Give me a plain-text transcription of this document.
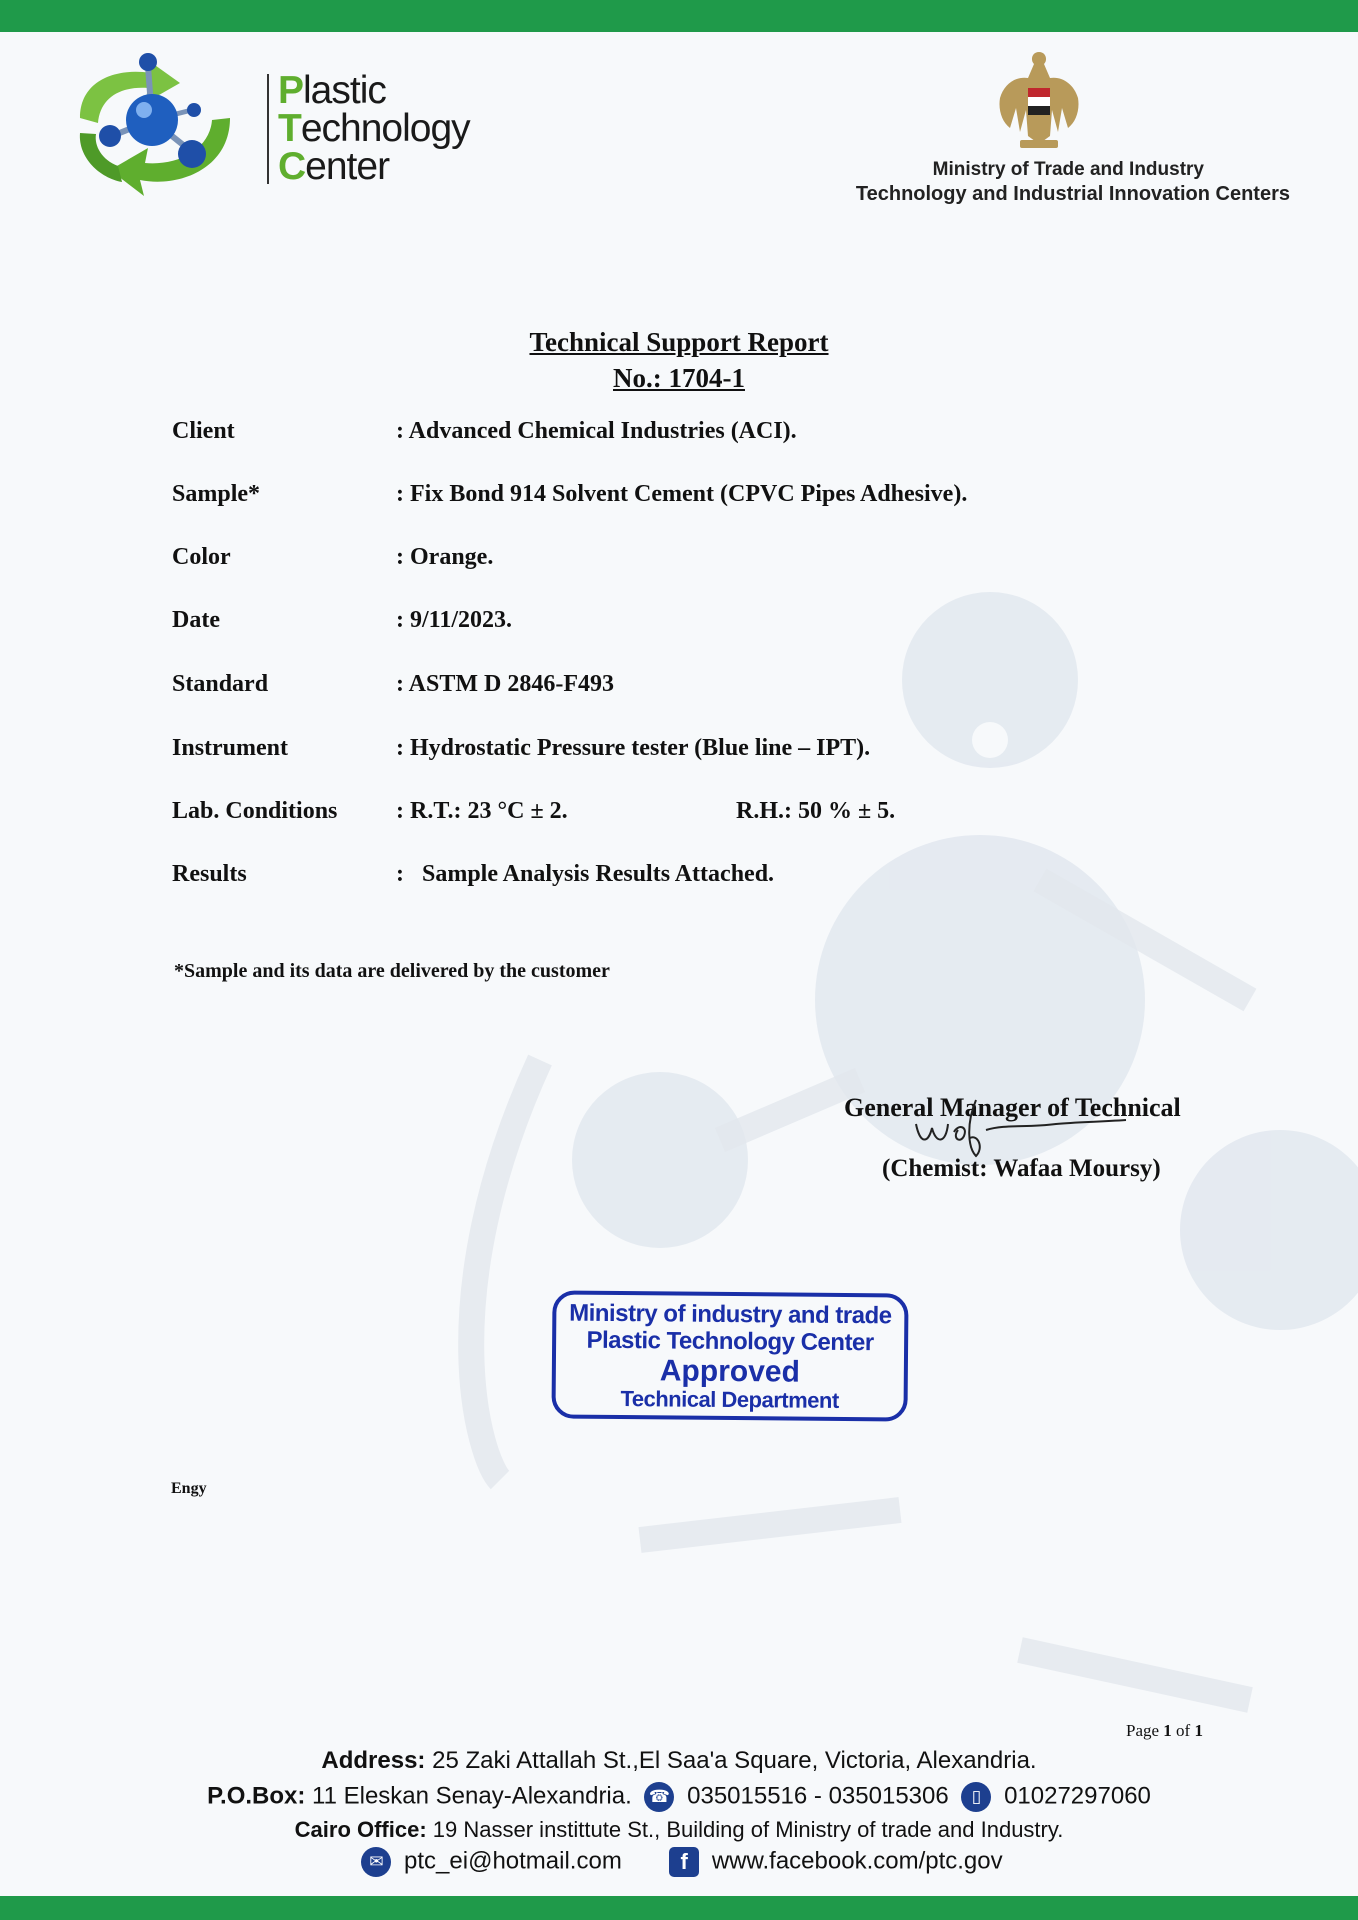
Plastic
Technology
Center	Ministry of Trade and Industry
Technology and Industrial Innovation Centers
Technical Support Report
No.: 1704-1
Client	: Advanced Chemical Industries (ACI).
Sample*	: Fix Bond 914 Solvent Cement (CPVC Pipes Adhesive).
Color	: Orange.
Date	: 9/11/2023.
Standard	: ASTM D 2846-F493
Instrument	: Hydrostatic Pressure tester (Blue line – IPT).
Lab. Conditions : R.T.: 23 °C ± 2.	R.H.: 50 % ± 5.
Results	:   Sample Analysis Results Attached.
*Sample and its data are delivered by the customer
General Manager of Technical
(Chemist: Wafaa Moursy)
Ministry of industry and trade
Plastic Technology Center
Approved
Technical Department
Engy
Page 1 of 1
Address: 25 Zaki Attallah St.,El Saa'a Square, Victoria, Alexandria.
P.O.Box: 11 Eleskan Senay-Alexandria. ☎ 035015516 - 035015306 ▯ 01027297060
Cairo Office: 19 Nasser instittute St., Building of Ministry of trade and Industry.
✉ ptc_ei@hotmail.com	f www.facebook.com/ptc.gov
